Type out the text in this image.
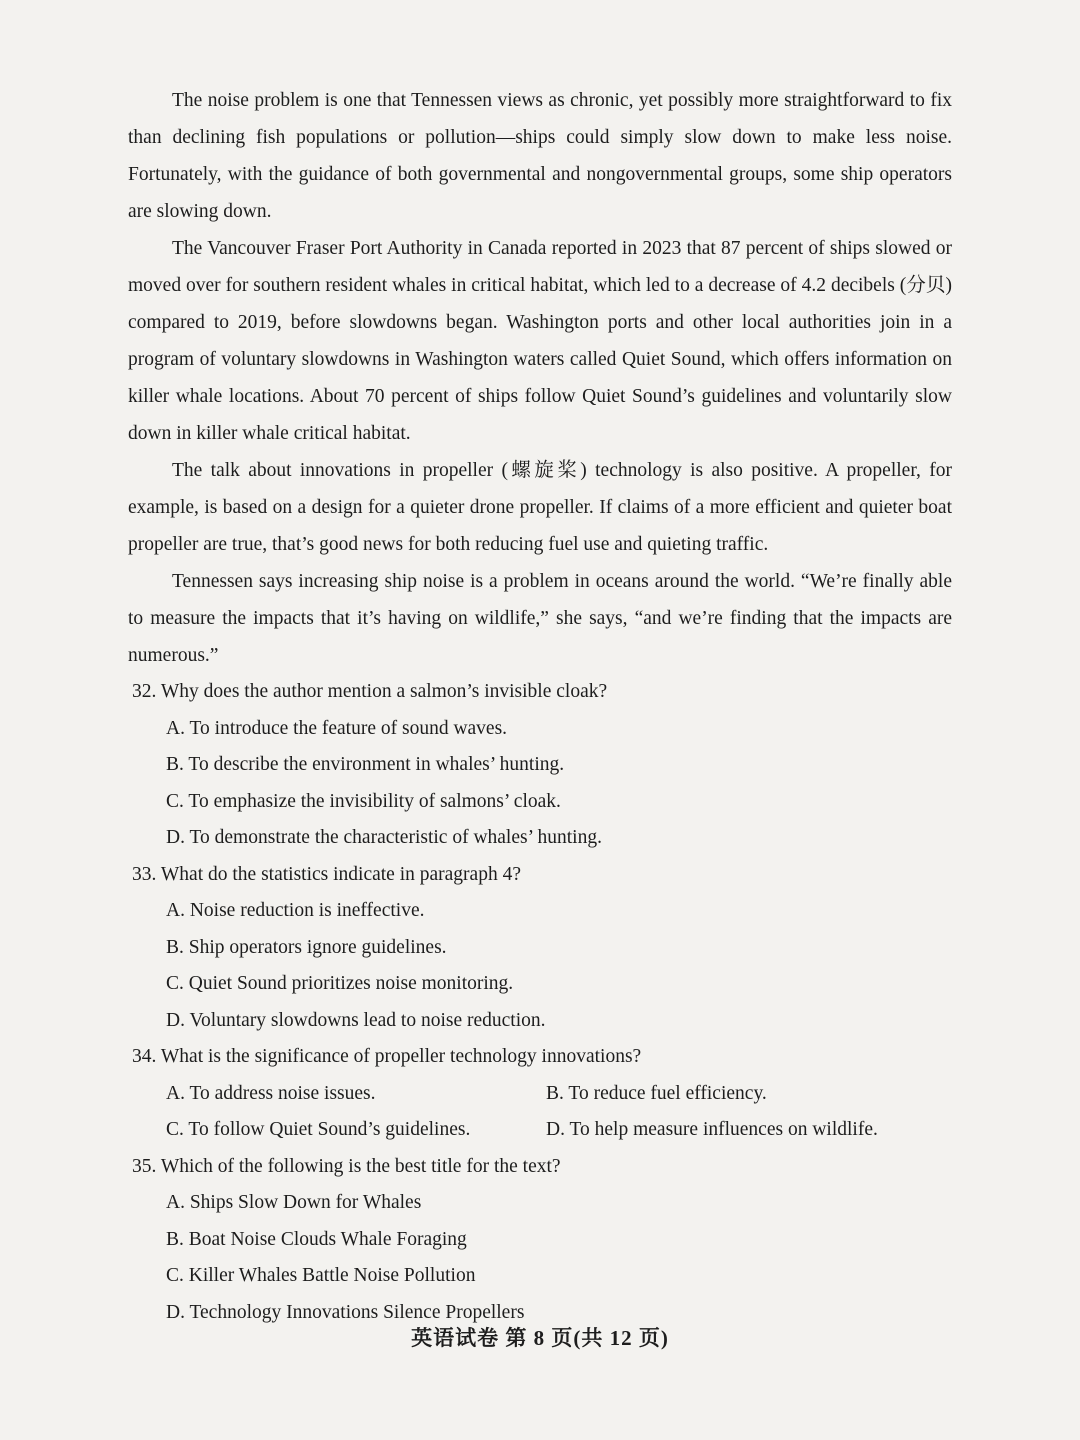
The noise problem is one that Tennessen views as chronic, yet possibly more straightforward to fix than declining fish populations or pollution—ships could simply slow down to make less noise. Fortunately, with the guidance of both governmental and nongovernmental groups, some ship operators are slowing down.

The Vancouver Fraser Port Authority in Canada reported in 2023 that 87 percent of ships slowed or moved over for southern resident whales in critical habitat, which led to a decrease of 4.2 decibels (分贝) compared to 2019, before slowdowns began. Washington ports and other local authorities join in a program of voluntary slowdowns in Washington waters called Quiet Sound, which offers information on killer whale locations. About 70 percent of ships follow Quiet Sound’s guidelines and voluntarily slow down in killer whale critical habitat.

The talk about innovations in propeller (螺旋桨) technology is also positive. A propeller, for example, is based on a design for a quieter drone propeller. If claims of a more efficient and quieter boat propeller are true, that’s good news for both reducing fuel use and quieting traffic.

Tennessen says increasing ship noise is a problem in oceans around the world. “We’re finally able to measure the impacts that it’s having on wildlife,” she says, “and we’re finding that the impacts are numerous.”

32. Why does the author mention a salmon’s invisible cloak?

A. To introduce the feature of sound waves.
B. To describe the environment in whales’ hunting.
C. To emphasize the invisibility of salmons’ cloak.
D. To demonstrate the characteristic of whales’ hunting.

33. What do the statistics indicate in paragraph 4?

A. Noise reduction is ineffective.
B. Ship operators ignore guidelines.
C. Quiet Sound prioritizes noise monitoring.
D. Voluntary slowdowns lead to noise reduction.

34. What is the significance of propeller technology innovations?

A. To address noise issues.	B. To reduce fuel efficiency.
C. To follow Quiet Sound’s guidelines.	D. To help measure influences on wildlife.

35. Which of the following is the best title for the text?

A. Ships Slow Down for Whales
B. Boat Noise Clouds Whale Foraging
C. Killer Whales Battle Noise Pollution
D. Technology Innovations Silence Propellers
英语试卷 第 8 页(共 12 页)
